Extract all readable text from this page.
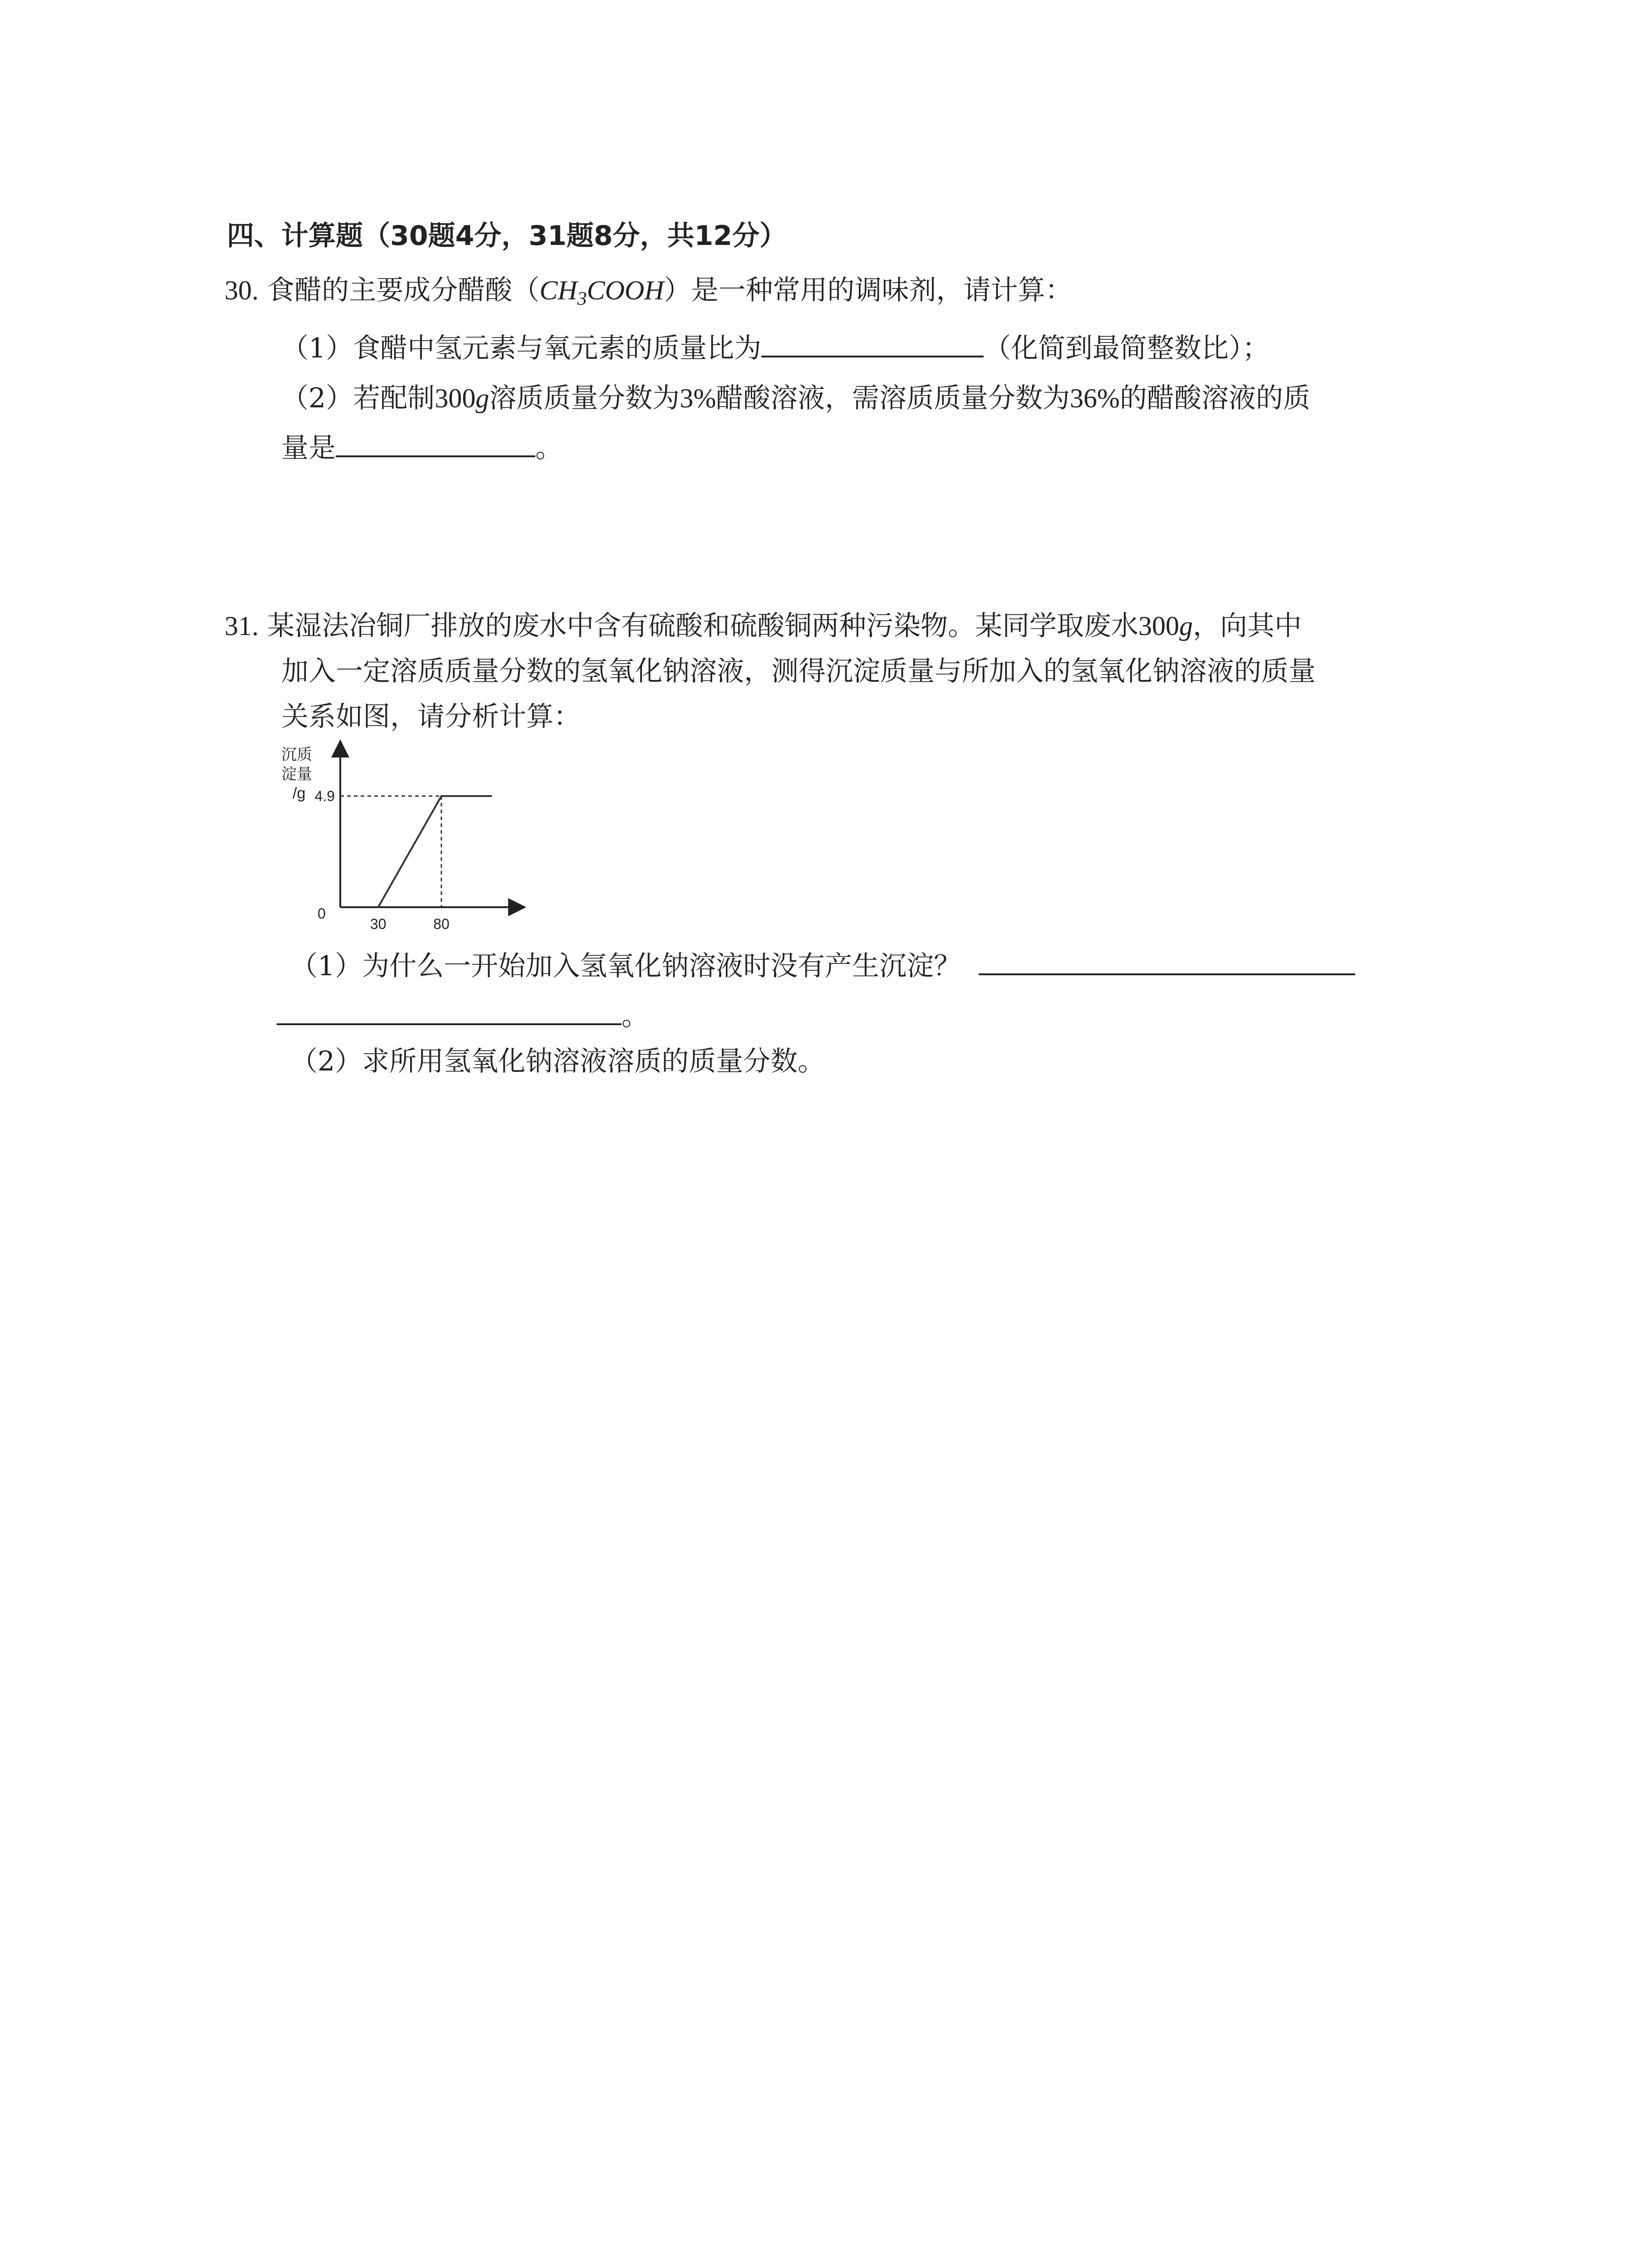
四、计算题（30题4分，31题8分，共12分）
30. 食醋的主要成分醋酸$(CH_3COOH)$是一种常用的调味剂，请计算：
（1）食醋中氢元素与氧元素的质量比为	（化简到最简整数比）；
（2）若配制300g溶质质量分数为3%醋酸溶液，需溶质质量分数为36%的醋酸溶液的质
量是	。
31. 某湿法冶铜厂排放的废水中含有硫酸和硫酸铜两种污染物。某同学取废水300g，向其中
加入一定溶质质量分数的氢氧化钠溶液，测得沉淀质量与所加入的氢氧化钠溶液的质量
关系如图，请分析计算：
沉质
淀量
/g
0
30	80
4.9
（1）为什么一开始加入氢氧化钠溶液时没有产生沉淀？
。
（2）求所用氢氧化钠溶液溶质的质量分数。
